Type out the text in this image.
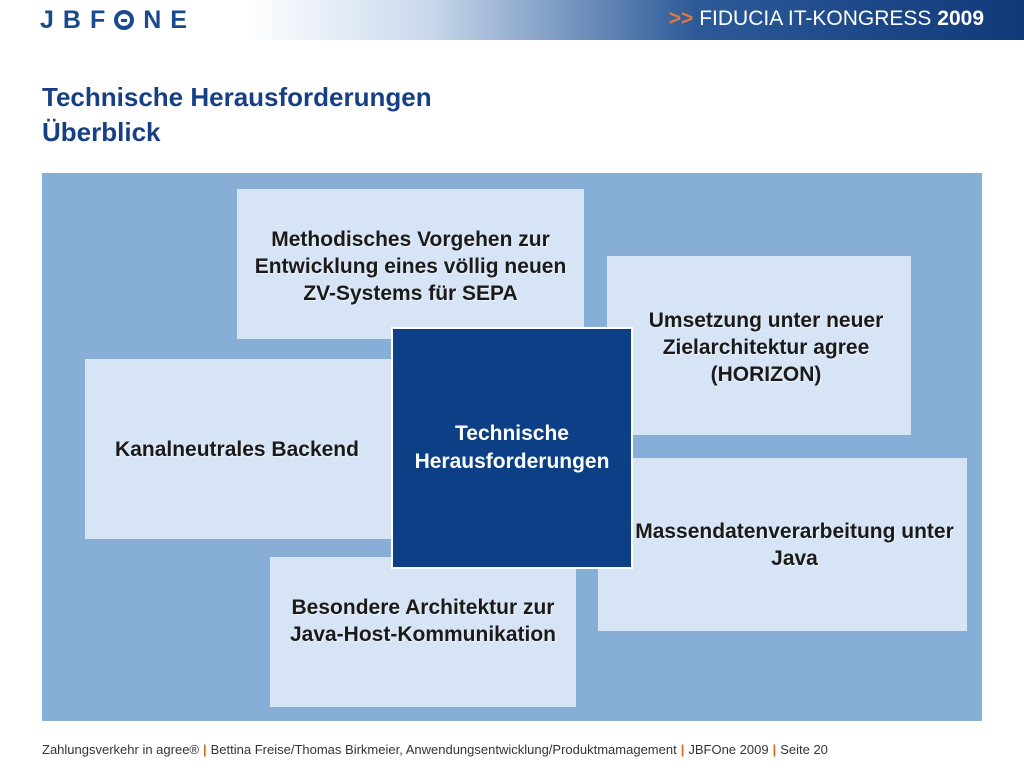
JBF NE	>> FIDUCIA IT-KONGRESS 2009
Technische Herausforderungen
Überblick
Methodisches Vorgehen zur Entwicklung eines völlig neuen ZV-Systems für SEPA
Umsetzung unter neuer Zielarchitektur agree (HORIZON)
Kanalneutrales Backend
Massendatenverarbeitung unter Java
Besondere Architektur zur Java-Host-Kommunikation
Technische Herausforderungen
Zahlungsverkehr in agree® | Bettina Freise/Thomas Birkmeier, Anwendungsentwicklung/Produktmamagement | JBFOne 2009 | Seite 20
